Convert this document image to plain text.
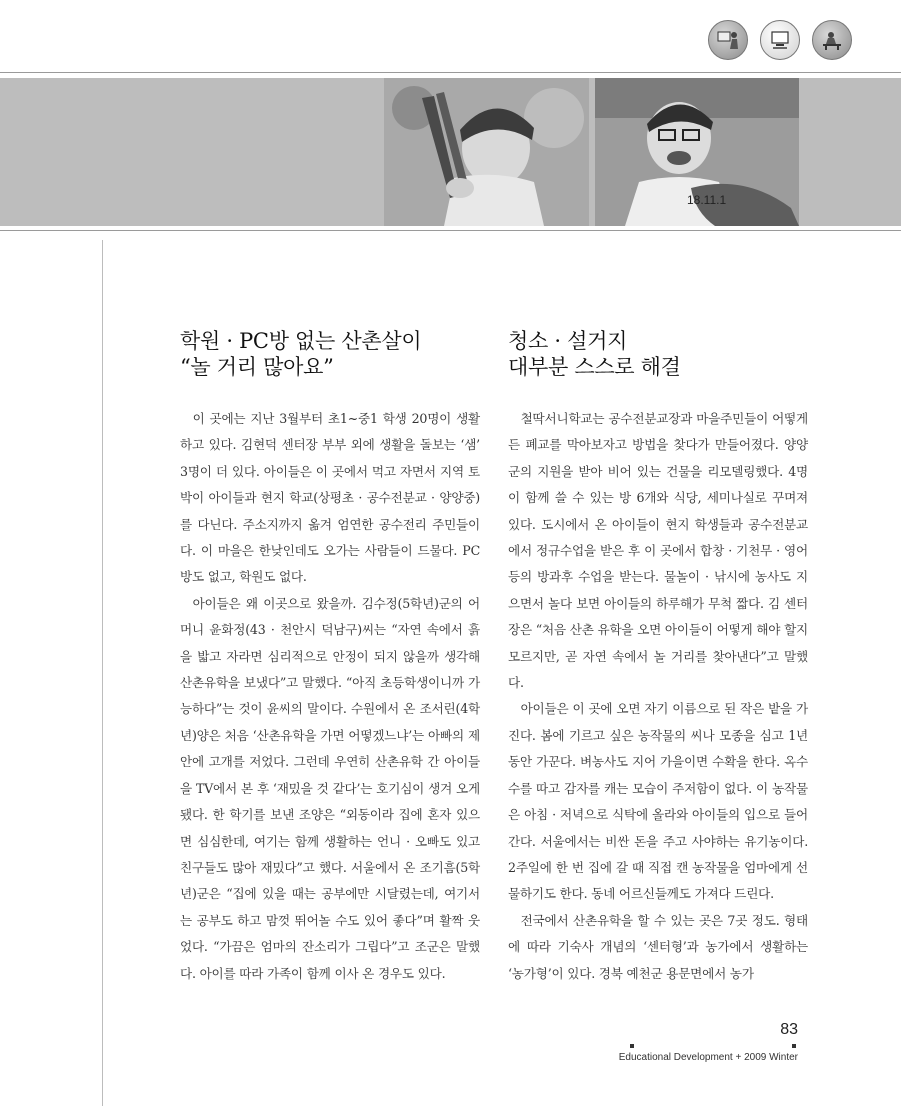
18.11.1
학원 · PC방 없는 산촌살이
“놀 거리 많아요”

이 곳에는 지난 3월부터 초1~중1 학생 20명이 생활하고 있다. 김현덕 센터장 부부 외에 생활을 돌보는 ‘샘’ 3명이 더 있다. 아이들은 이 곳에서 먹고 자면서 지역 토박이 아이들과 현지 학교(상평초 · 공수전분교 · 양양중)를 다닌다. 주소지까지 옮겨 엄연한 공수전리 주민들이다. 이 마을은 한낮인데도 오가는 사람들이 드물다. PC방도 없고, 학원도 없다.

아이들은 왜 이곳으로 왔을까. 김수정(5학년)군의 어머니 윤화정(43 · 천안시 덕남구)씨는 “자연 속에서 흙을 밟고 자라면 심리적으로 안정이 되지 않을까 생각해 산촌유학을 보냈다”고 말했다. “아직 초등학생이니까 가능하다”는 것이 윤씨의 말이다. 수원에서 온 조서린(4학년)양은 처음 ‘산촌유학을 가면 어떻겠느냐’는 아빠의 제안에 고개를 저었다. 그런데 우연히 산촌유학 간 아이들을 TV에서 본 후 ‘재밌을 것 같다’는 호기심이 생겨 오게 됐다. 한 학기를 보낸 조양은 “외동이라 집에 혼자 있으면 심심한데, 여기는 함께 생활하는 언니 · 오빠도 있고 친구들도 많아 재밌다”고 했다. 서울에서 온 조기흠(5학년)군은 “집에 있을 때는 공부에만 시달렸는데, 여기서는 공부도 하고 맘껏 뛰어놀 수도 있어 좋다”며 활짝 웃었다. “가끔은 엄마의 잔소리가 그립다”고 조군은 말했다. 아이를 따라 가족이 함께 이사 온 경우도 있다.

청소 · 설거지
대부분 스스로 해결

철딱서니학교는 공수전분교장과 마을주민들이 어떻게든 폐교를 막아보자고 방법을 찾다가 만들어졌다. 양양군의 지원을 받아 비어 있는 건물을 리모델링했다. 4명이 함께 쓸 수 있는 방 6개와 식당, 세미나실로 꾸며져 있다. 도시에서 온 아이들이 현지 학생들과 공수전분교에서 정규수업을 받은 후 이 곳에서 합창 · 기천무 · 영어 등의 방과후 수업을 받는다. 물놀이 · 낚시에 농사도 지으면서 놀다 보면 아이들의 하루해가 무척 짧다. 김 센터장은 “처음 산촌 유학을 오면 아이들이 어떻게 해야 할지 모르지만, 곧 자연 속에서 놀 거리를 찾아낸다”고 말했다.

아이들은 이 곳에 오면 자기 이름으로 된 작은 밭을 가진다. 봄에 기르고 싶은 농작물의 씨나 모종을 심고 1년 동안 가꾼다. 벼농사도 지어 가을이면 수확을 한다. 옥수수를 따고 감자를 캐는 모습이 주저함이 없다. 이 농작물은 아침 · 저녁으로 식탁에 올라와 아이들의 입으로 들어간다. 서울에서는 비싼 돈을 주고 사야하는 유기농이다. 2주일에 한 번 집에 갈 때 직접 캔 농작물을 엄마에게 선물하기도 한다. 동네 어르신들께도 가져다 드린다.

전국에서 산촌유학을 할 수 있는 곳은 7곳 정도. 형태에 따라 기숙사 개념의 ‘센터형’과 농가에서 생활하는 ‘농가형’이 있다. 경북 예천군 용문면에서 농가

83
Educational Development + 2009 Winter
